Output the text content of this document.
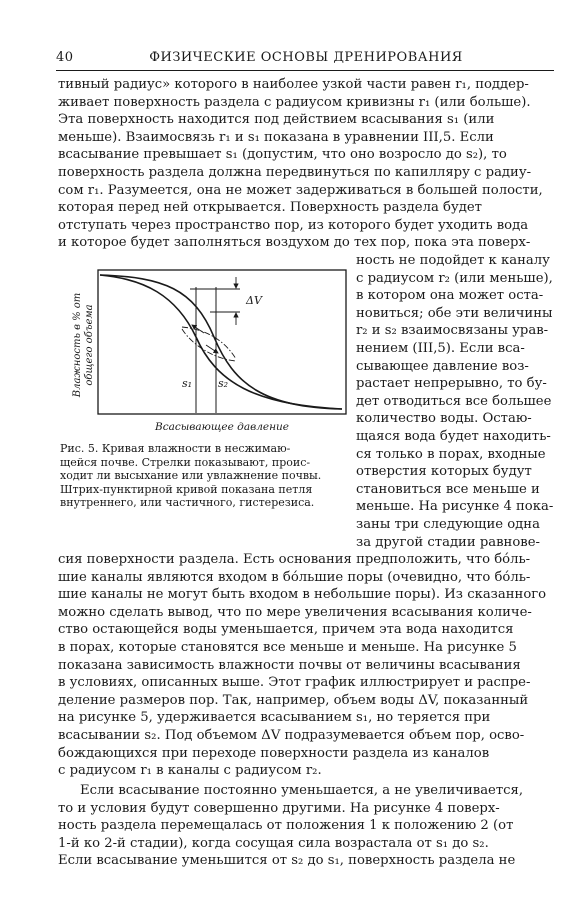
40	ФИЗИЧЕСКИЕ ОСНОВЫ ДРЕНИРОВАНИЯ
тивный радиус» которого в наиболее узкой части равен r₁, поддер-
живает поверхность раздела с радиусом кривизны r₁ (или больше).
Эта поверхность находится под действием всасывания s₁ (или
меньше). Взаимосвязь r₁ и s₁ показана в уравнении III,5. Если
всасывание превышает s₁ (допустим, что оно возросло до s₂), то
поверхность раздела должна передвинуться по капилляру с радиу-
сом r₁. Разумеется, она не может задерживаться в большей полости,
которая перед ней открывается. Поверхность раздела будет
отступать через пространство пор, из которого будет уходить вода
и которое будет заполняться воздухом до тех пор, пока эта поверх-
ΔV
s₁ s₂
Влажность в % от общего объема
Всасывающее давление
Рис. 5. Кривая влажности в несжимаю-
щейся почве. Стрелки показывают, проис-
ходит ли высыхание или увлажнение почвы.
Штрих-пунктирной кривой показана петля
внутреннего, или частичного, гистерезиса.
ность не подойдет к каналу
с радиусом r₂ (или меньше),
в котором она может оста-
новиться; обе эти величины
r₂ и s₂ взаимосвязаны урав-
нением (III,5). Если вса-
сывающее давление воз-
растает непрерывно, то бу-
дет отводиться все большее
количество воды. Остаю-
щаяся вода будет находить-
ся только в порах, входные
отверстия которых будут
становиться все меньше и
меньше. На рисунке 4 пока-
заны три следующие одна
за другой стадии равнове-
сия поверхности раздела. Есть основания предположить, что бо́ль-
шие каналы являются входом в бо́льшие поры (очевидно, что бо́ль-
шие каналы не могут быть входом в небольшие поры). Из сказанного
можно сделать вывод, что по мере увеличения всасывания количе-
ство остающейся воды уменьшается, причем эта вода находится
в порах, которые становятся все меньше и меньше. На рисунке 5
показана зависимость влажности почвы от величины всасывания
в условиях, описанных выше. Этот график иллюстрирует и распре-
деление размеров пор. Так, например, объем воды ΔV, показанный
на рисунке 5, удерживается всасыванием s₁, но теряется при
всасывании s₂. Под объемом ΔV подразумевается объем пор, осво-
бождающихся при переходе поверхности раздела из каналов
с радиусом r₁ в каналы с радиусом r₂.
Если всасывание постоянно уменьшается, а не увеличивается,
то и условия будут совершенно другими. На рисунке 4 поверх-
ность раздела перемещалась от положения 1 к положению 2 (от
1-й ко 2-й стадии), когда сосущая сила возрастала от s₁ до s₂.
Если всасывание уменьшится от s₂ до s₁, поверхность раздела не
